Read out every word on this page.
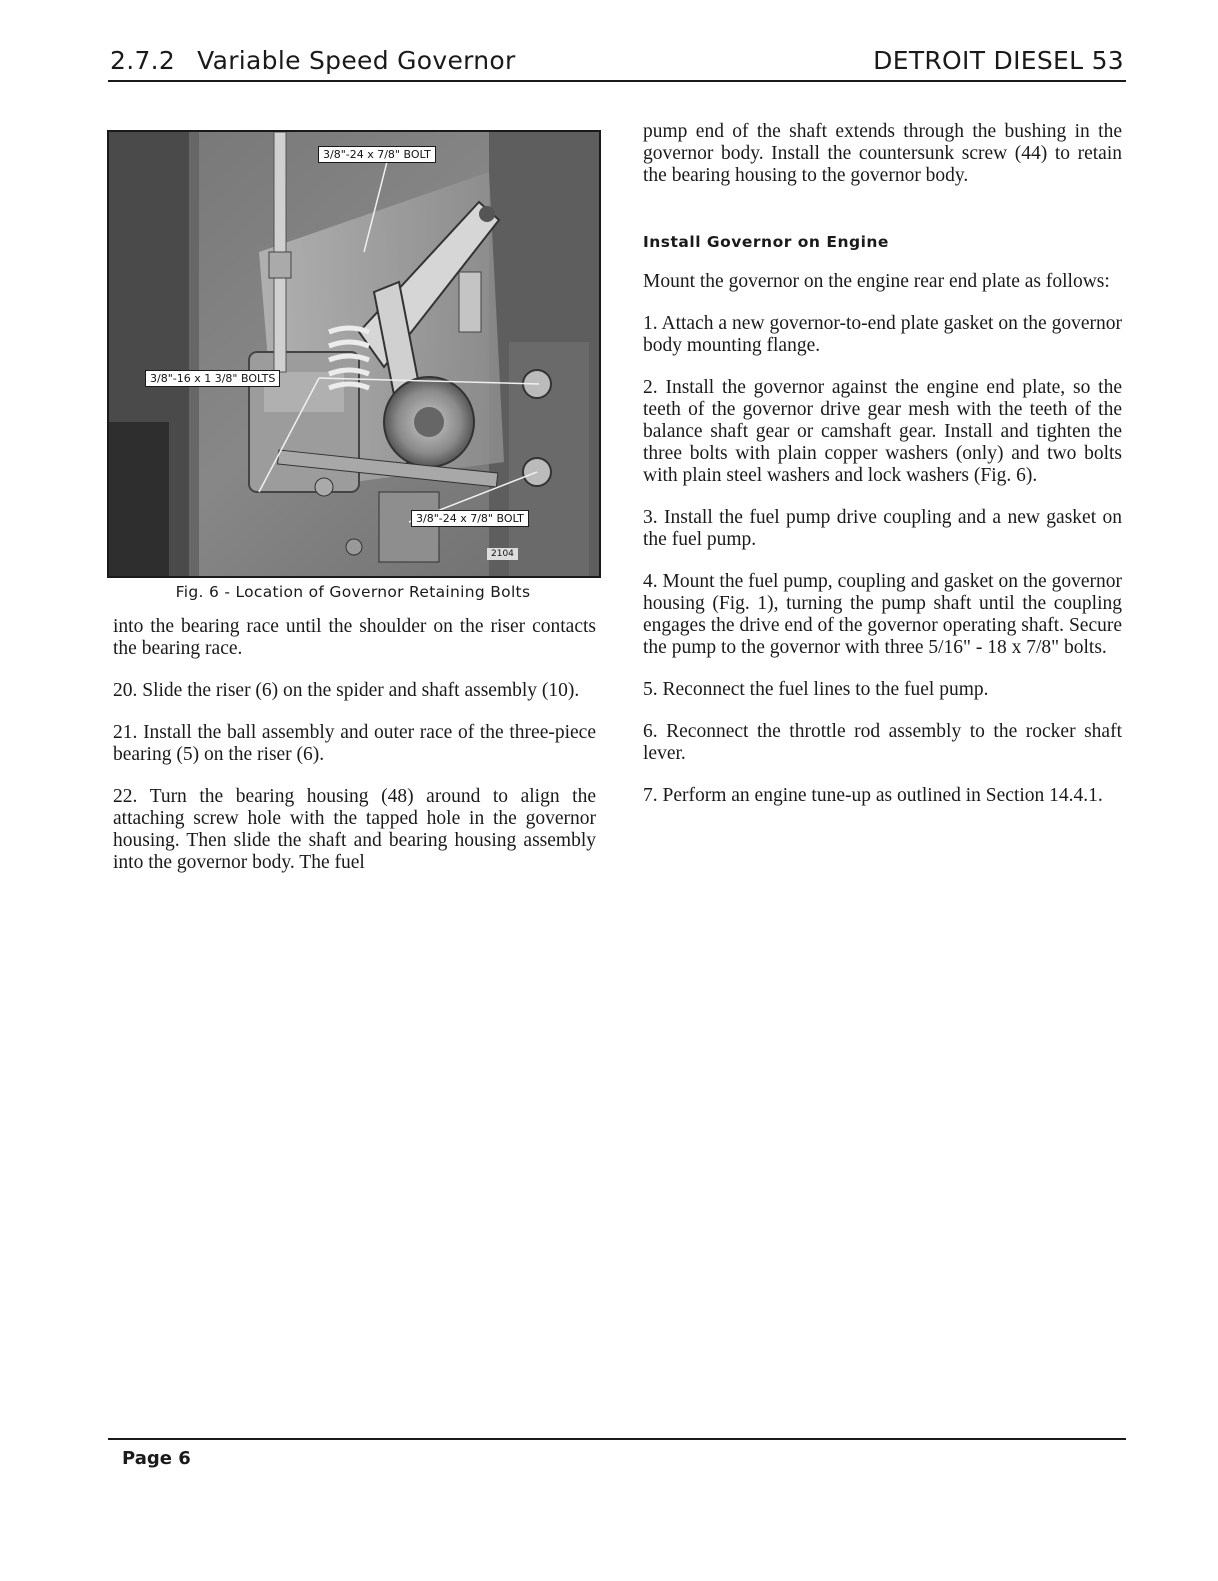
2.7.2 Variable Speed Governor	DETROIT DIESEL 53
3/8"-24 x 7/8" BOLT
3/8"-16 x 1 3/8" BOLTS
3/8"-24 x 7/8" BOLT
2104
Fig. 6 - Location of Governor Retaining Bolts

into the bearing race until the shoulder on the riser contacts the bearing race.

20. Slide the riser (6) on the spider and shaft assembly (10).

21. Install the ball assembly and outer race of the three-piece bearing (5) on the riser (6).

22. Turn the bearing housing (48) around to align the attaching screw hole with the tapped hole in the governor housing. Then slide the shaft and bearing housing assembly into the governor body. The fuel

pump end of the shaft extends through the bushing in the governor body. Install the countersunk screw (44) to retain the bearing housing to the governor body.

Install Governor on Engine

Mount the governor on the engine rear end plate as follows:

1. Attach a new governor-to-end plate gasket on the governor body mounting flange.

2. Install the governor against the engine end plate, so the teeth of the governor drive gear mesh with the teeth of the balance shaft gear or camshaft gear. Install and tighten the three bolts with plain copper washers (only) and two bolts with plain steel washers and lock washers (Fig. 6).

3. Install the fuel pump drive coupling and a new gasket on the fuel pump.

4. Mount the fuel pump, coupling and gasket on the governor housing (Fig. 1), turning the pump shaft until the coupling engages the drive end of the governor operating shaft. Secure the pump to the governor with three 5/16" - 18 x 7/8" bolts.

5. Reconnect the fuel lines to the fuel pump.

6. Reconnect the throttle rod assembly to the rocker shaft lever.

7. Perform an engine tune-up as outlined in Section 14.4.1.

Page 6
